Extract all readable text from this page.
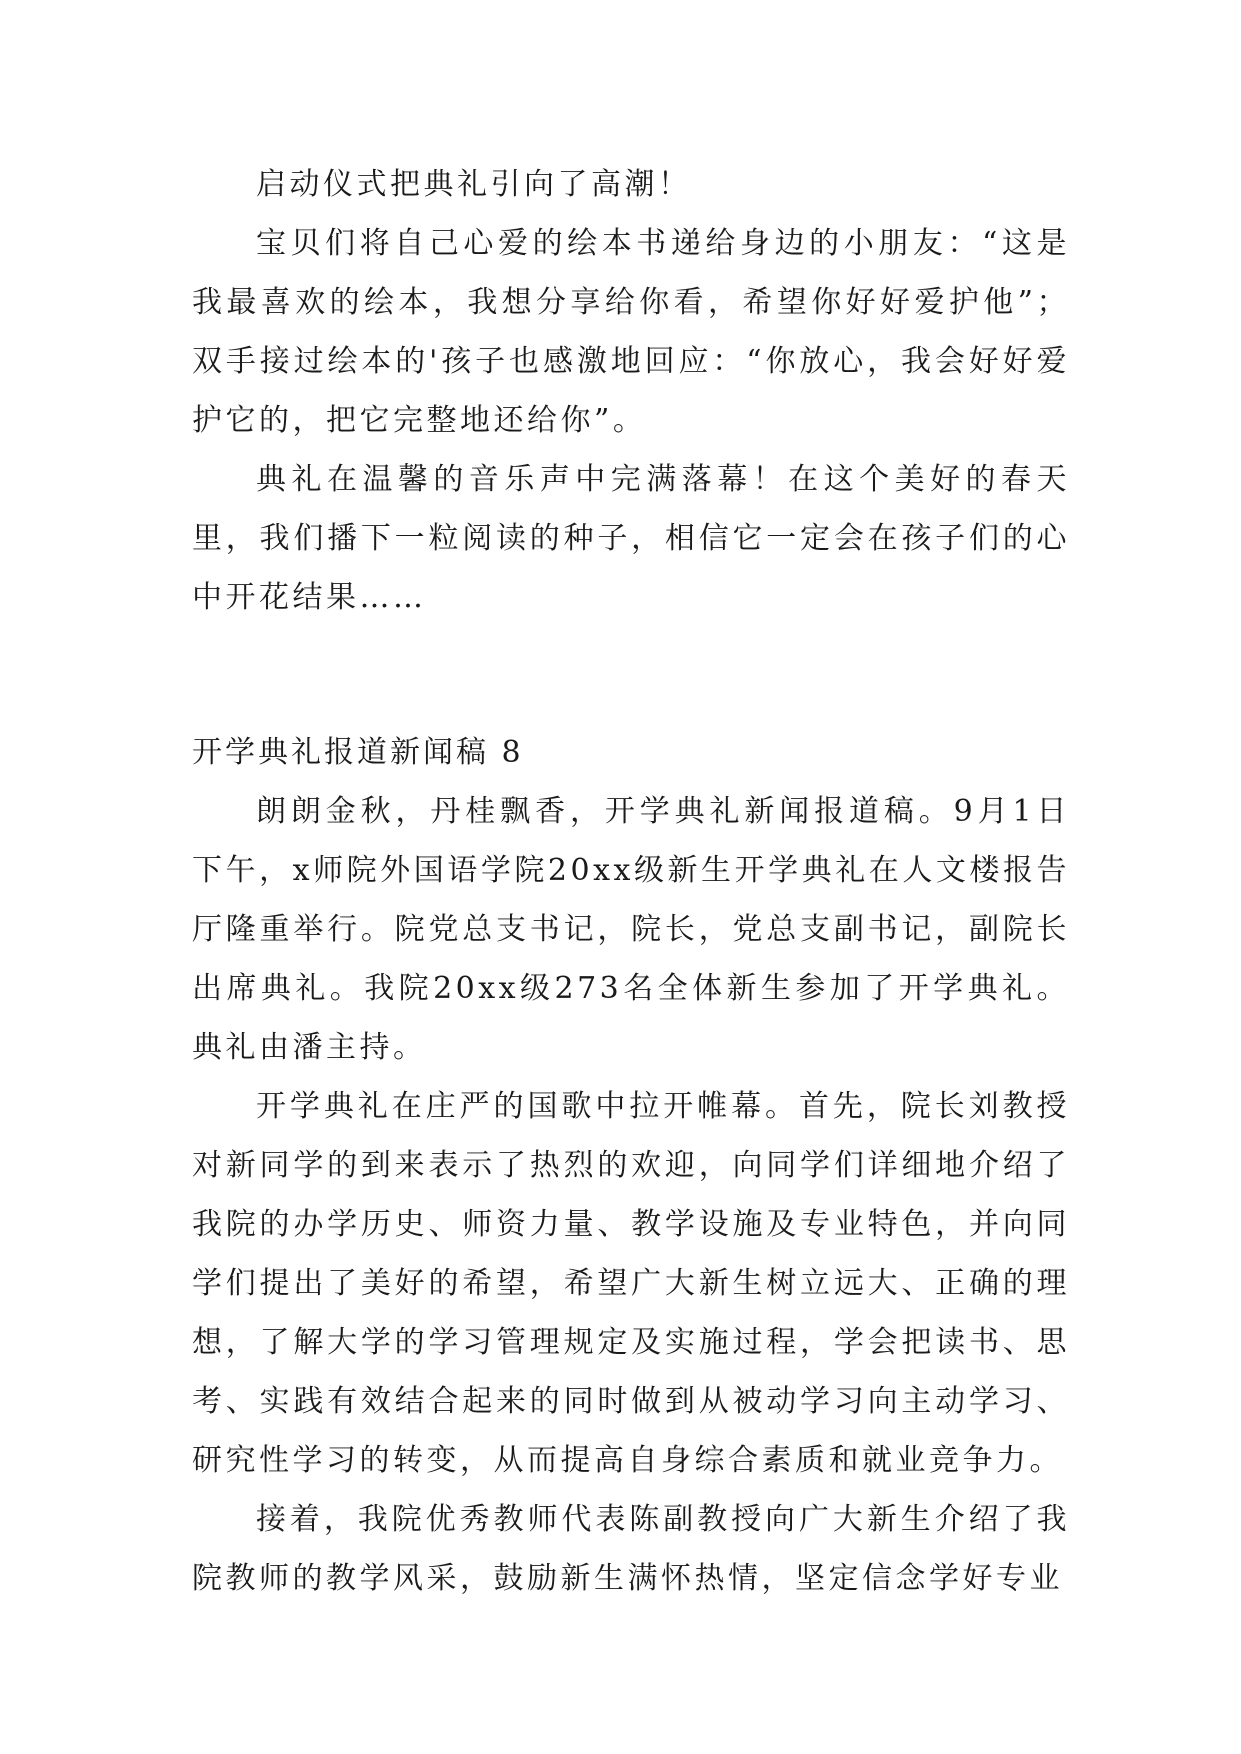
启动仪式把典礼引向了高潮！

宝贝们将自己心爱的绘本书递给身边的小朋友：“这是我最喜欢的绘本，我想分享给你看，希望你好好爱护他”；双手接过绘本的'孩子也感激地回应：“你放心，我会好好爱护它的，把它完整地还给你”。

典礼在温馨的音乐声中完满落幕！在这个美好的春天里，我们播下一粒阅读的种子，相信它一定会在孩子们的心中开花结果……

开学典礼报道新闻稿 8

朗朗金秋，丹桂飘香，开学典礼新闻报道稿。9月1日下午，x师院外国语学院20xx级新生开学典礼在人文楼报告厅隆重举行。院党总支书记，院长，党总支副书记，副院长出席典礼。我院20xx级273名全体新生参加了开学典礼。典礼由潘主持。

开学典礼在庄严的国歌中拉开帷幕。首先，院长刘教授对新同学的到来表示了热烈的欢迎，向同学们详细地介绍了我院的办学历史、师资力量、教学设施及专业特色，并向同学们提出了美好的希望，希望广大新生树立远大、正确的理想，了解大学的学习管理规定及实施过程，学会把读书、思考、实践有效结合起来的同时做到从被动学习向主动学习、研究性学习的转变，从而提高自身综合素质和就业竞争力。

接着，我院优秀教师代表陈副教授向广大新生介绍了我院教师的教学风采，鼓励新生满怀热情，坚定信念学好专业
